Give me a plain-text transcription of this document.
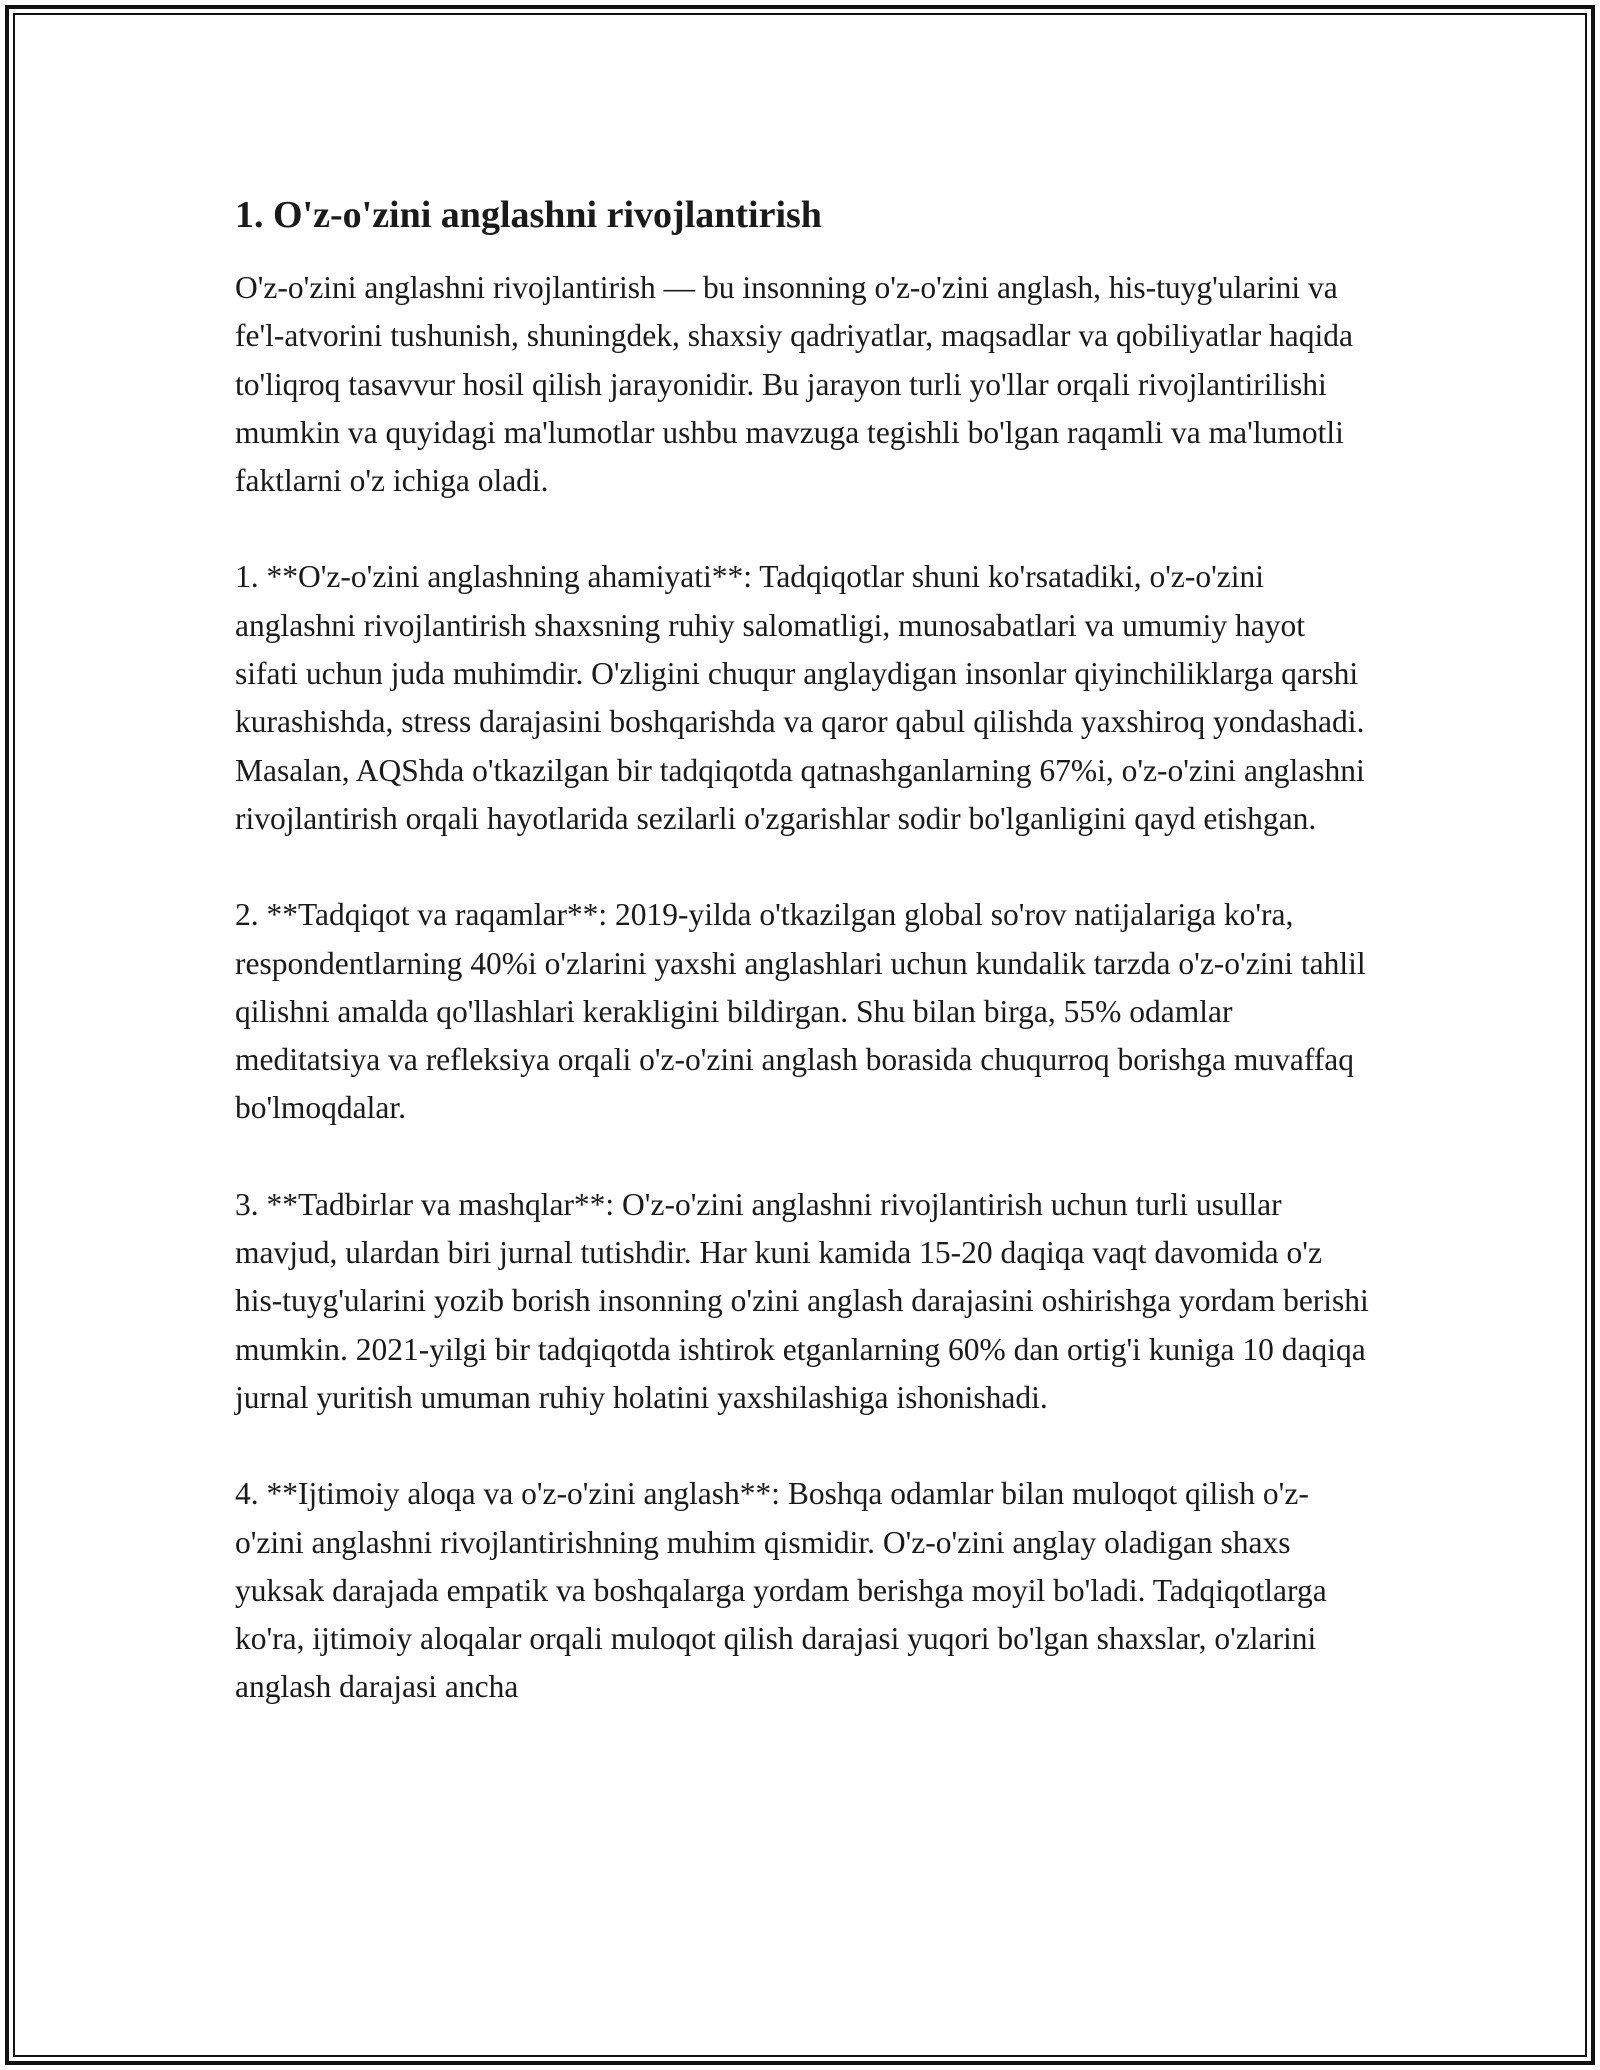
1. O'z-o'zini anglashni rivojlantirish

O'z-o'zini anglashni rivojlantirish — bu insonning o'z-o'zini anglash, his-tuyg'ularini va fe'l-atvorini tushunish, shuningdek, shaxsiy qadriyatlar, maqsadlar va qobiliyatlar haqida to'liqroq tasavvur hosil qilish jarayonidir. Bu jarayon turli yo'llar orqali rivojlantirilishi mumkin va quyidagi ma'lumotlar ushbu mavzuga tegishli bo'lgan raqamli va ma'lumotli faktlarni o'z ichiga oladi.

1. **O'z-o'zini anglashning ahamiyati**: Tadqiqotlar shuni ko'rsatadiki, o'z-o'zini anglashni rivojlantirish shaxsning ruhiy salomatligi, munosabatlari va umumiy hayot sifati uchun juda muhimdir. O'zligini chuqur anglaydigan insonlar qiyinchiliklarga qarshi kurashishda, stress darajasini boshqarishda va qaror qabul qilishda yaxshiroq yondashadi. Masalan, AQShda o'tkazilgan bir tadqiqotda qatnashganlarning 67%i, o'z-o'zini anglashni rivojlantirish orqali hayotlarida sezilarli o'zgarishlar sodir bo'lganligini qayd etishgan.

2. **Tadqiqot va raqamlar**: 2019-yilda o'tkazilgan global so'rov natijalariga ko'ra, respondentlarning 40%i o'zlarini yaxshi anglashlari uchun kundalik tarzda o'z-o'zini tahlil qilishni amalda qo'llashlari kerakligini bildirgan. Shu bilan birga, 55% odamlar meditatsiya va refleksiya orqali o'z-o'zini anglash borasida chuqurroq borishga muvaffaq bo'lmoqdalar.

3. **Tadbirlar va mashqlar**: O'z-o'zini anglashni rivojlantirish uchun turli usullar mavjud, ulardan biri jurnal tutishdir. Har kuni kamida 15-20 daqiqa vaqt davomida o'z his-tuyg'ularini yozib borish insonning o'zini anglash darajasini oshirishga yordam berishi mumkin. 2021-yilgi bir tadqiqotda ishtirok etganlarning 60% dan ortig'i kuniga 10 daqiqa jurnal yuritish umuman ruhiy holatini yaxshilashiga ishonishadi.

4. **Ijtimoiy aloqa va o'z-o'zini anglash**: Boshqa odamlar bilan muloqot qilish o'z-o'zini anglashni rivojlantirishning muhim qismidir. O'z-o'zini anglay oladigan shaxs yuksak darajada empatik va boshqalarga yordam berishga moyil bo'ladi. Tadqiqotlarga ko'ra, ijtimoiy aloqalar orqali muloqot qilish darajasi yuqori bo'lgan shaxslar, o'zlarini anglash darajasi ancha
